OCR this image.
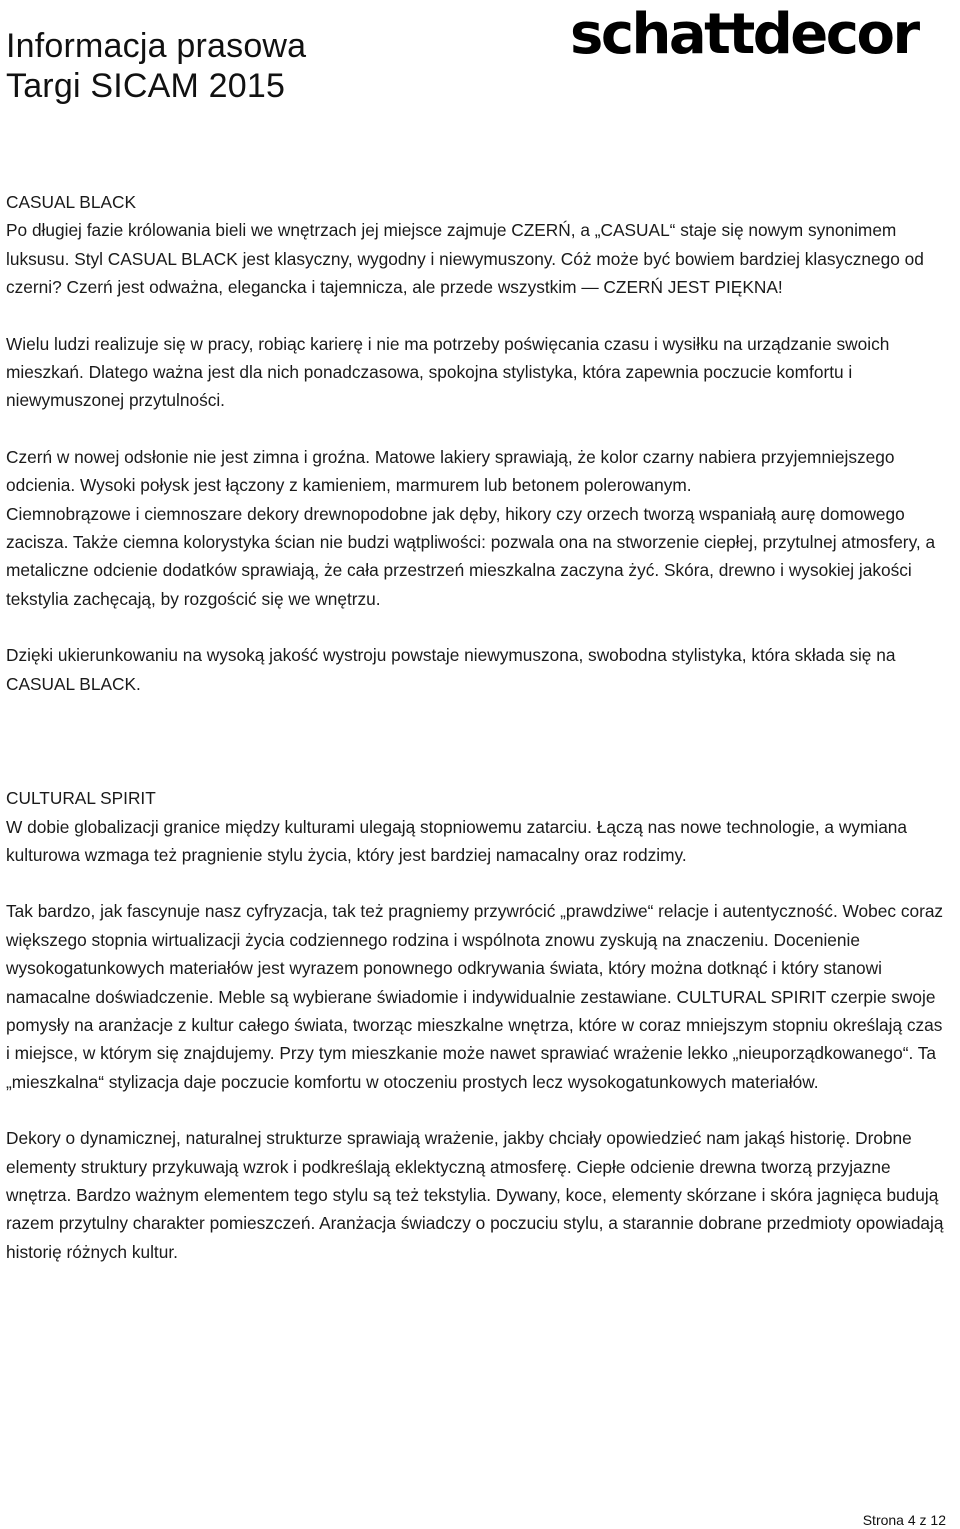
Informacja prasowa
Targi SICAM 2015
schattdecor

CASUAL BLACK

Po długiej fazie królowania bieli we wnętrzach jej miejsce zajmuje CZERŃ, a „CASUAL“ staje się nowym synonimem luksusu. Styl CASUAL BLACK jest klasyczny, wygodny i niewymuszony. Cóż może być bowiem bardziej klasycznego od czerni? Czerń jest odważna, elegancka i tajemnicza, ale przede wszystkim — CZERŃ JEST PIĘKNA!

Wielu ludzi realizuje się w pracy, robiąc karierę i nie ma potrzeby poświęcania czasu i wysiłku na urządzanie swoich mieszkań. Dlatego ważna jest dla nich ponadczasowa, spokojna stylistyka, która zapewnia poczucie komfortu i niewymuszonej przytulności.

Czerń w nowej odsłonie nie jest zimna i groźna. Matowe lakiery sprawiają, że kolor czarny nabiera przyjemniejszego odcienia. Wysoki połysk jest łączony z kamieniem, marmurem lub betonem polerowanym.

Ciemnobrązowe i ciemnoszare dekory drewnopodobne jak dęby, hikory czy orzech tworzą wspaniałą aurę domowego zacisza. Także ciemna kolorystyka ścian nie budzi wątpliwości: pozwala ona na stworzenie ciepłej, przytulnej atmosfery, a metaliczne odcienie dodatków sprawiają, że cała przestrzeń mieszkalna zaczyna żyć. Skóra, drewno i wysokiej jakości tekstylia zachęcają, by rozgościć się we wnętrzu.

Dzięki ukierunkowaniu na wysoką jakość wystroju powstaje niewymuszona, swobodna stylistyka, która składa się na CASUAL BLACK.

CULTURAL SPIRIT

W dobie globalizacji granice między kulturami ulegają stopniowemu zatarciu. Łączą nas nowe technologie, a wymiana kulturowa wzmaga też pragnienie stylu życia, który jest bardziej namacalny oraz rodzimy.

Tak bardzo, jak fascynuje nasz cyfryzacja, tak też pragniemy przywrócić „prawdziwe“ relacje i autentyczność. Wobec coraz większego stopnia wirtualizacji życia codziennego rodzina i wspólnota znowu zyskują na znaczeniu. Docenienie wysokogatunkowych materiałów jest wyrazem ponownego odkrywania świata, który można dotknąć i który stanowi namacalne doświadczenie. Meble są wybierane świadomie i indywidualnie zestawiane. CULTURAL SPIRIT czerpie swoje pomysły na aranżacje z kultur całego świata, tworząc mieszkalne wnętrza, które w coraz mniejszym stopniu określają czas i miejsce, w którym się znajdujemy. Przy tym mieszkanie może nawet sprawiać wrażenie lekko „nieuporządkowanego“. Ta „mieszkalna“ stylizacja daje poczucie komfortu w otoczeniu prostych lecz wysokogatunkowych materiałów.

Dekory o dynamicznej, naturalnej strukturze sprawiają wrażenie, jakby chciały opowiedzieć nam jakąś historię. Drobne elementy struktury przykuwają wzrok i podkreślają eklektyczną atmosferę. Ciepłe odcienie drewna tworzą przyjazne wnętrza. Bardzo ważnym elementem tego stylu są też tekstylia. Dywany, koce, elementy skórzane i skóra jagnięca budują razem przytulny charakter pomieszczeń. Aranżacja świadczy o poczuciu stylu, a starannie dobrane przedmioty opowiadają historię różnych kultur.

Strona 4 z 12
